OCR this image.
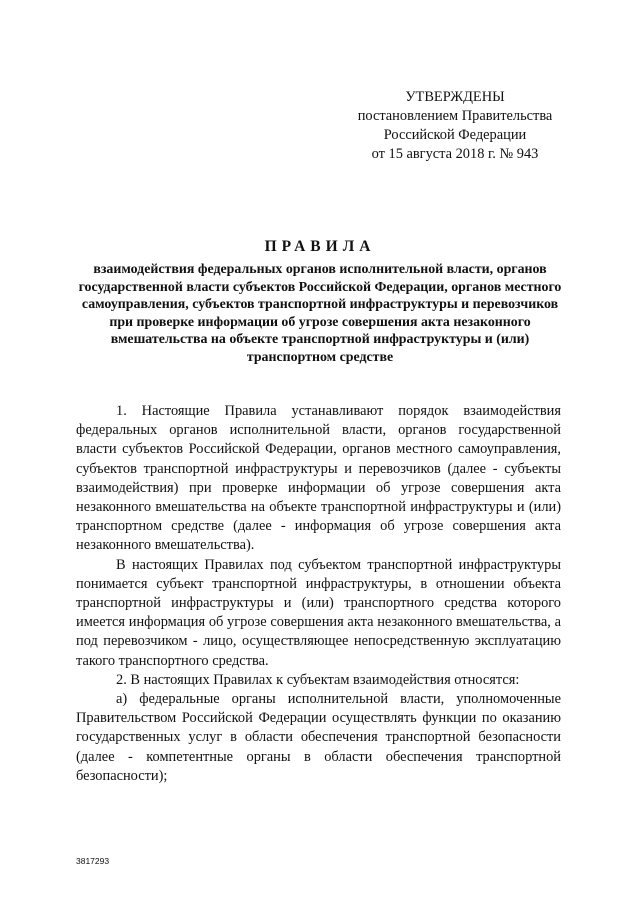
УТВЕРЖДЕНЫ
постановлением Правительства
Российской Федерации
от 15 августа 2018 г. № 943
ПРАВИЛА
взаимодействия федеральных органов исполнительной власти, органов государственной власти субъектов Российской Федерации, органов местного самоуправления, субъектов транспортной инфраструктуры и перевозчиков при проверке информации об угрозе совершения акта незаконного вмешательства на объекте транспортной инфраструктуры и (или) транспортном средстве

1. Настоящие Правила устанавливают порядок взаимодействия федеральных органов исполнительной власти, органов государственной власти субъектов Российской Федерации, органов местного самоуправления, субъектов транспортной инфраструктуры и перевозчиков (далее - субъекты взаимодействия) при проверке информации об угрозе совершения акта незаконного вмешательства на объекте транспортной инфраструктуры и (или) транспортном средстве (далее - информация об угрозе совершения акта незаконного вмешательства).

В настоящих Правилах под субъектом транспортной инфраструктуры понимается субъект транспортной инфраструктуры, в отношении объекта транспортной инфраструктуры и (или) транспортного средства которого имеется информация об угрозе совершения акта незаконного вмешательства, а под перевозчиком - лицо, осуществляющее непосредственную эксплуатацию такого транспортного средства.

2. В настоящих Правилах к субъектам взаимодействия относятся:

а) федеральные органы исполнительной власти, уполномоченные Правительством Российской Федерации осуществлять функции по оказанию государственных услуг в области обеспечения транспортной безопасности (далее - компетентные органы в области обеспечения транспортной безопасности);

3817293
